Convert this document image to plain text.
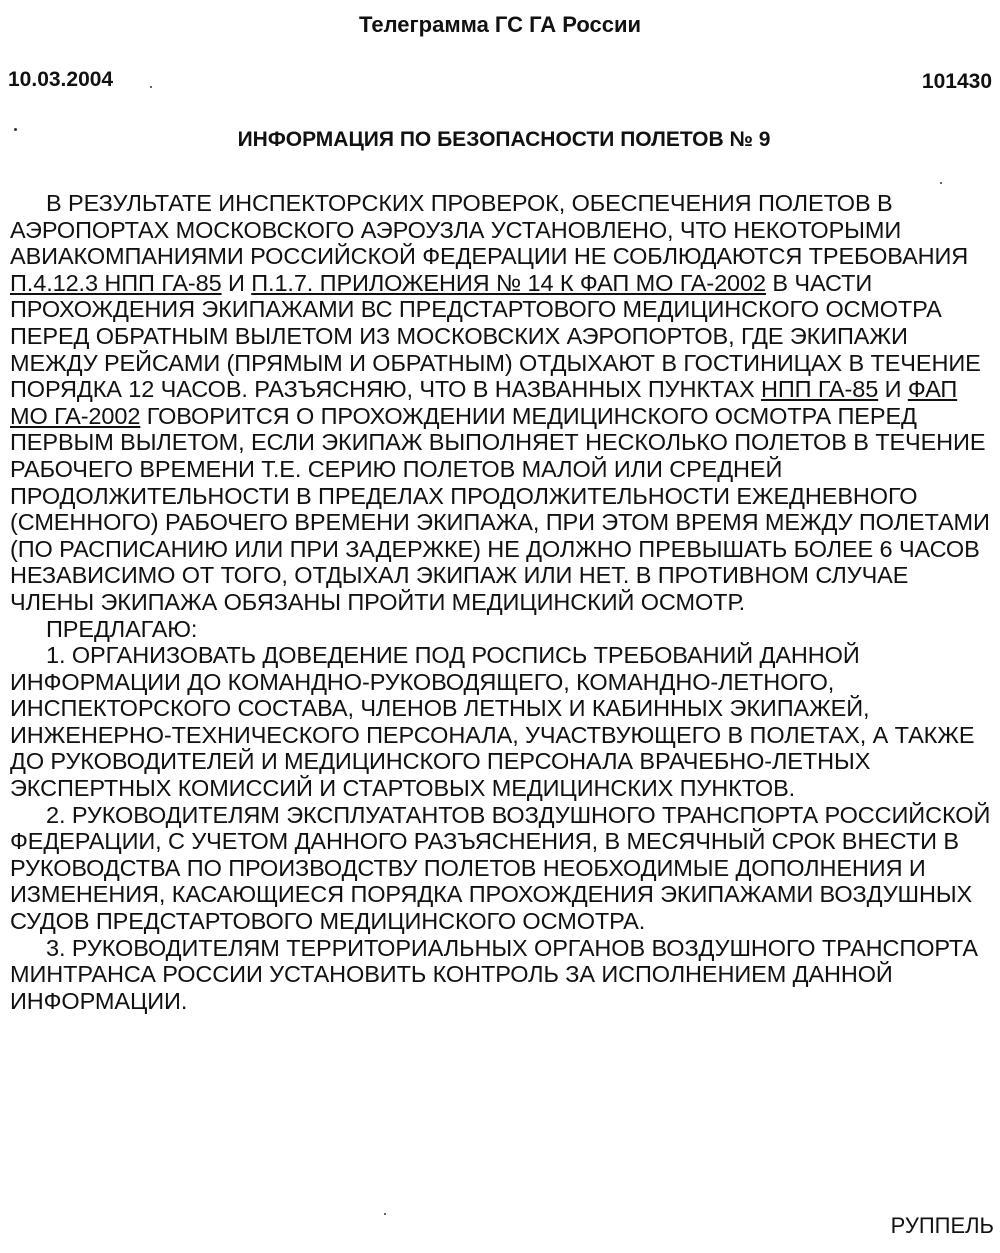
Телеграмма ГС ГА России
10.03.2004	101430
ИНФОРМАЦИЯ ПО БЕЗОПАСНОСТИ ПОЛЕТОВ № 9

В РЕЗУЛЬТАТЕ ИНСПЕКТОРСКИХ ПРОВЕРОК, ОБЕСПЕЧЕНИЯ ПОЛЕТОВ В АЭРОПОРТАХ МОСКОВСКОГО АЭРОУЗЛА УСТАНОВЛЕНО, ЧТО НЕКОТОРЫМИ АВИАКОМПАНИЯМИ РОССИЙСКОЙ ФЕДЕРАЦИИ НЕ СОБЛЮДАЮТСЯ ТРЕБОВАНИЯ П.4.12.3 НПП ГА-85 И П.1.7. ПРИЛОЖЕНИЯ № 14 К ФАП МО ГА-2002 В ЧАСТИ ПРОХОЖДЕНИЯ ЭКИПАЖАМИ ВС ПРЕДСТАРТОВОГО МЕДИЦИНСКОГО ОСМОТРА ПЕРЕД ОБРАТНЫМ ВЫЛЕТОМ ИЗ МОСКОВСКИХ АЭРОПОРТОВ, ГДЕ ЭКИПАЖИ МЕЖДУ РЕЙСАМИ (ПРЯМЫМ И ОБРАТНЫМ) ОТДЫХАЮТ В ГОСТИНИЦАХ В ТЕЧЕНИЕ ПОРЯДКА 12 ЧАСОВ. РАЗЪЯСНЯЮ, ЧТО В НАЗВАННЫХ ПУНКТАХ НПП ГА-85 И ФАП МО ГА-2002 ГОВОРИТСЯ О ПРОХОЖДЕНИИ МЕДИЦИНСКОГО ОСМОТРА ПЕРЕД ПЕРВЫМ ВЫЛЕТОМ, ЕСЛИ ЭКИПАЖ ВЫПОЛНЯЕТ НЕСКОЛЬКО ПОЛЕТОВ В ТЕЧЕНИЕ РАБОЧЕГО ВРЕМЕНИ Т.Е. СЕРИЮ ПОЛЕТОВ МАЛОЙ ИЛИ СРЕДНЕЙ ПРОДОЛЖИТЕЛЬНОСТИ В ПРЕДЕЛАХ ПРОДОЛЖИТЕЛЬНОСТИ ЕЖЕДНЕВНОГО (СМЕННОГО) РАБОЧЕГО ВРЕМЕНИ ЭКИПАЖА, ПРИ ЭТОМ ВРЕМЯ МЕЖДУ ПОЛЕТАМИ (ПО РАСПИСАНИЮ ИЛИ ПРИ ЗАДЕРЖКЕ) НЕ ДОЛЖНО ПРЕВЫШАТЬ БОЛЕЕ 6 ЧАСОВ НЕЗАВИСИМО ОТ ТОГО, ОТДЫХАЛ ЭКИПАЖ ИЛИ НЕТ. В ПРОТИВНОМ СЛУЧАЕ ЧЛЕНЫ ЭКИПАЖА ОБЯЗАНЫ ПРОЙТИ МЕДИЦИНСКИЙ ОСМОТР.

ПРЕДЛАГАЮ:

1. ОРГАНИЗОВАТЬ ДОВЕДЕНИЕ ПОД РОСПИСЬ ТРЕБОВАНИЙ ДАННОЙ ИНФОРМАЦИИ ДО КОМАНДНО-РУКОВОДЯЩЕГО, КОМАНДНО-ЛЕТНОГО, ИНСПЕКТОРСКОГО СОСТАВА, ЧЛЕНОВ ЛЕТНЫХ И КАБИННЫХ ЭКИПАЖЕЙ, ИНЖЕНЕРНО-ТЕХНИЧЕСКОГО ПЕРСОНАЛА, УЧАСТВУЮЩЕГО В ПОЛЕТАХ, А ТАКЖЕ ДО РУКОВОДИТЕЛЕЙ И МЕДИЦИНСКОГО ПЕРСОНАЛА ВРАЧЕБНО-ЛЕТНЫХ ЭКСПЕРТНЫХ КОМИССИЙ И СТАРТОВЫХ МЕДИЦИНСКИХ ПУНКТОВ.

2. РУКОВОДИТЕЛЯМ ЭКСПЛУАТАНТОВ ВОЗДУШНОГО ТРАНСПОРТА РОССИЙСКОЙ ФЕДЕРАЦИИ, С УЧЕТОМ ДАННОГО РАЗЪЯСНЕНИЯ, В МЕСЯЧНЫЙ СРОК ВНЕСТИ В РУКОВОДСТВА ПО ПРОИЗВОДСТВУ ПОЛЕТОВ НЕОБХОДИМЫЕ ДОПОЛНЕНИЯ И ИЗМЕНЕНИЯ, КАСАЮЩИЕСЯ ПОРЯДКА ПРОХОЖДЕНИЯ ЭКИПАЖАМИ ВОЗДУШНЫХ СУДОВ ПРЕДСТАРТОВОГО МЕДИЦИНСКОГО ОСМОТРА.

3. РУКОВОДИТЕЛЯМ ТЕРРИТОРИАЛЬНЫХ ОРГАНОВ ВОЗДУШНОГО ТРАНСПОРТА МИНТРАНСА РОССИИ УСТАНОВИТЬ КОНТРОЛЬ ЗА ИСПОЛНЕНИЕМ ДАННОЙ ИНФОРМАЦИИ.

РУППЕЛЬ
